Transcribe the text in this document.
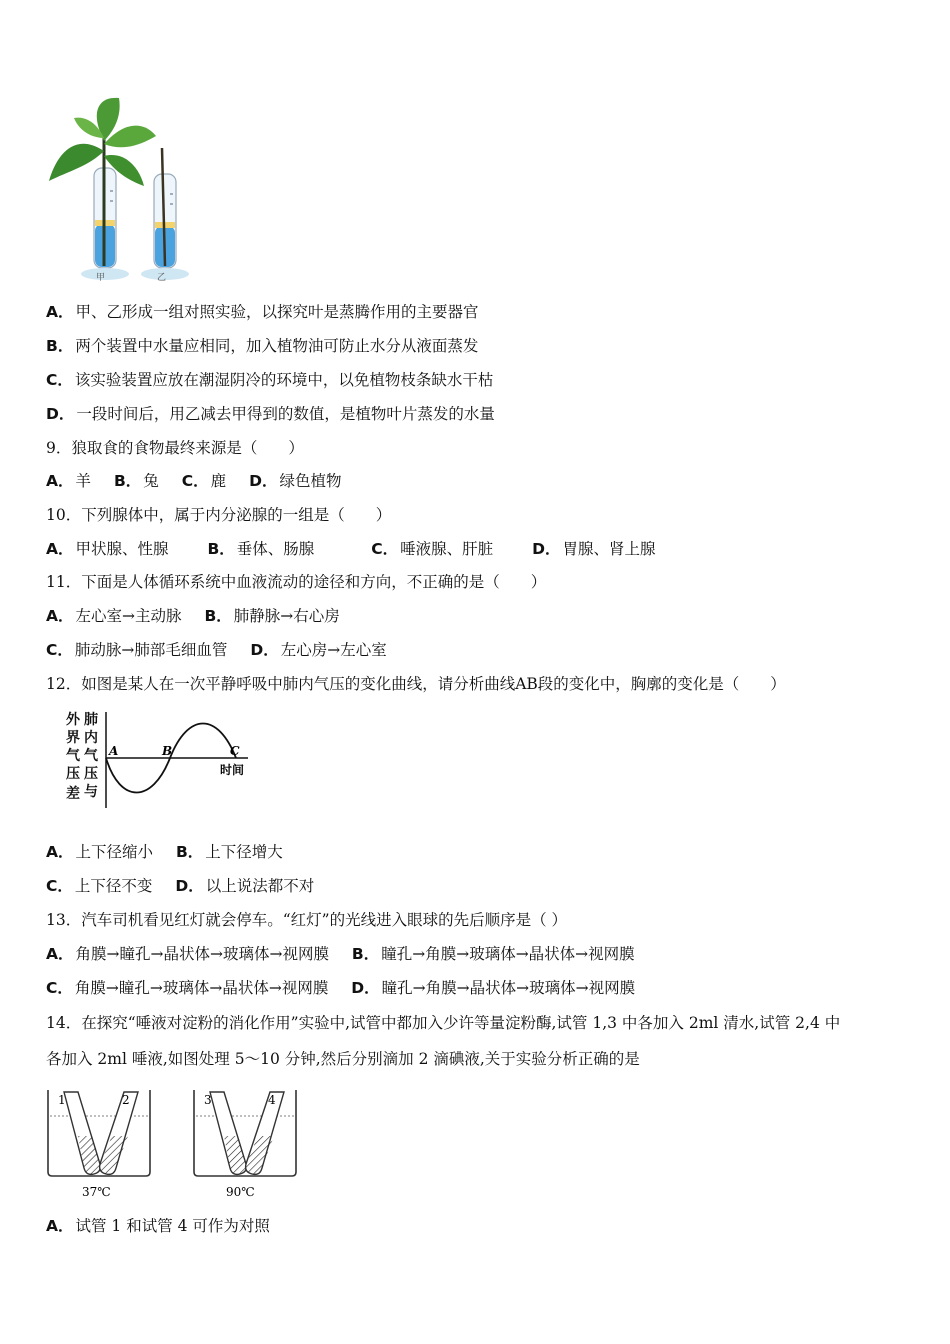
甲	乙
A． 甲、乙形成一组对照实验，以探究叶是蒸腾作用的主要器官
B． 两个装置中水量应相同，加入植物油可防止水分从液面蒸发
C． 该实验装置应放在潮湿阴冷的环境中，以免植物枝条缺水干枯
D． 一段时间后，用乙减去甲得到的数值，是植物叶片蒸发的水量
9．狼取食的食物最终来源是（　　）
A． 羊 B． 兔 C． 鹿 D． 绿色植物
10．下列腺体中，属于内分泌腺的一组是（　　）
A． 甲状腺、性腺	B． 垂体、肠腺	C． 唾液腺、肝脏	D． 胃腺、肾上腺
11．下面是人体循环系统中血液流动的途径和方向，不正确的是（　　）
A． 左心室→主动脉 B． 肺静脉→右心房
C． 肺动脉→肺部毛细血管 D． 左心房→左心室
12．如图是某人在一次平静呼吸中肺内气压的变化曲线，请分析曲线AB段的变化中，胸廓的变化是（　　）
外界气压差
肺内气压与
A	B	C
时间
A． 上下径缩小 B． 上下径增大
C． 上下径不变 D． 以上说法都不对
13．汽车司机看见红灯就会停车。“红灯”的光线进入眼球的先后顺序是（ ）
A． 角膜→瞳孔→晶状体→玻璃体→视网膜 B． 瞳孔→角膜→玻璃体→晶状体→视网膜
C． 角膜→瞳孔→玻璃体→晶状体→视网膜 D． 瞳孔→角膜→晶状体→玻璃体→视网膜
14．在探究“唾液对淀粉的消化作用”实验中,试管中都加入少许等量淀粉酶,试管 1,3 中各加入 2ml 清水,试管 2,4 中
各加入 2ml 唾液,如图处理 5～10 分钟,然后分别滴加 2 滴碘液,关于实验分析正确的是
1	2
37℃
3	4
90℃
A． 试管 1 和试管 4 可作为对照
